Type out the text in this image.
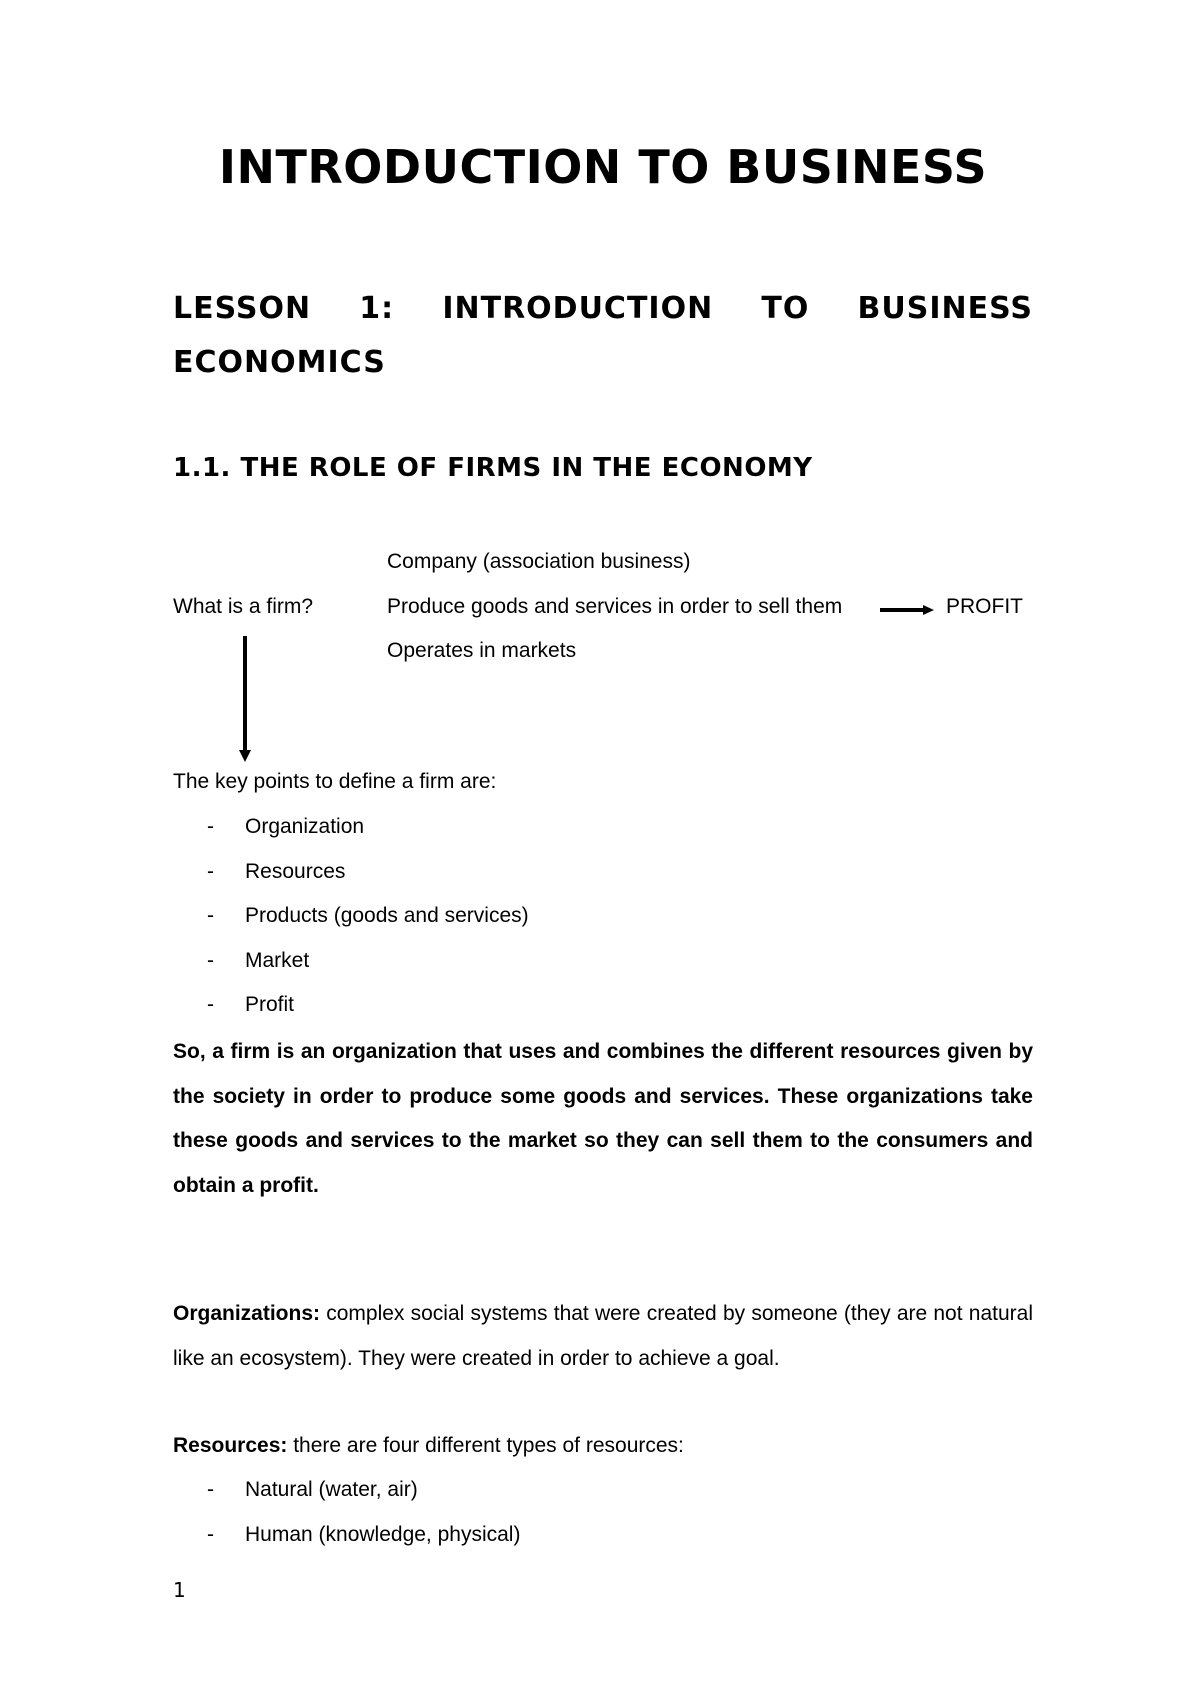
INTRODUCTION TO BUSINESS
LESSON 1: INTRODUCTION TO BUSINESS ECONOMICS
1.1. THE ROLE OF FIRMS IN THE ECONOMY
Company (association business)
What is a firm?	Produce goods and services in order to sell them	PROFIT
Operates in markets
The key points to define a firm are:
- Organization
- Resources
- Products (goods and services)
- Market
- Profit

So, a firm is an organization that uses and combines the different resources given by the society in order to produce some goods and services. These organizations take these goods and services to the market so they can sell them to the consumers and obtain a profit.

Organizations: complex social systems that were created by someone (they are not natural like an ecosystem). They were created in order to achieve a goal.

Resources: there are four different types of resources:

- Natural (water, air)
- Human (knowledge, physical)
1
